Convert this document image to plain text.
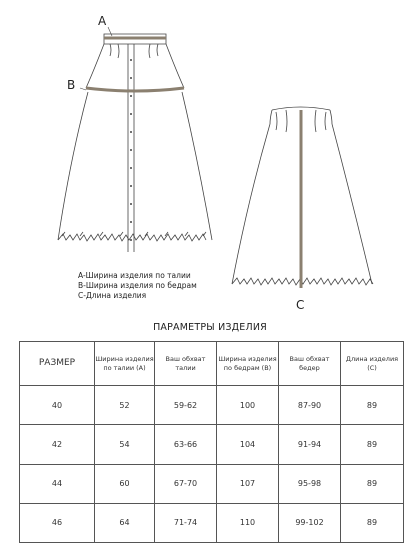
A
B
C
A-Ширина изделия по талии
B-Ширина изделия по бедрам
C-Длина изделия
ПАРАМЕТРЫ ИЗДЕЛИЯ
РАЗМЕР	Ширина изделия по талии (А)	Ваш обхват талии	Ширина изделия по бедрам (В)	Ваш обхват бедер	Длина изделия (С)
40	52	59-62	100	87-90	89
42	54	63-66	104	91-94	89
44	60	67-70	107	95-98	89
46	64	71-74	110	99-102	89
